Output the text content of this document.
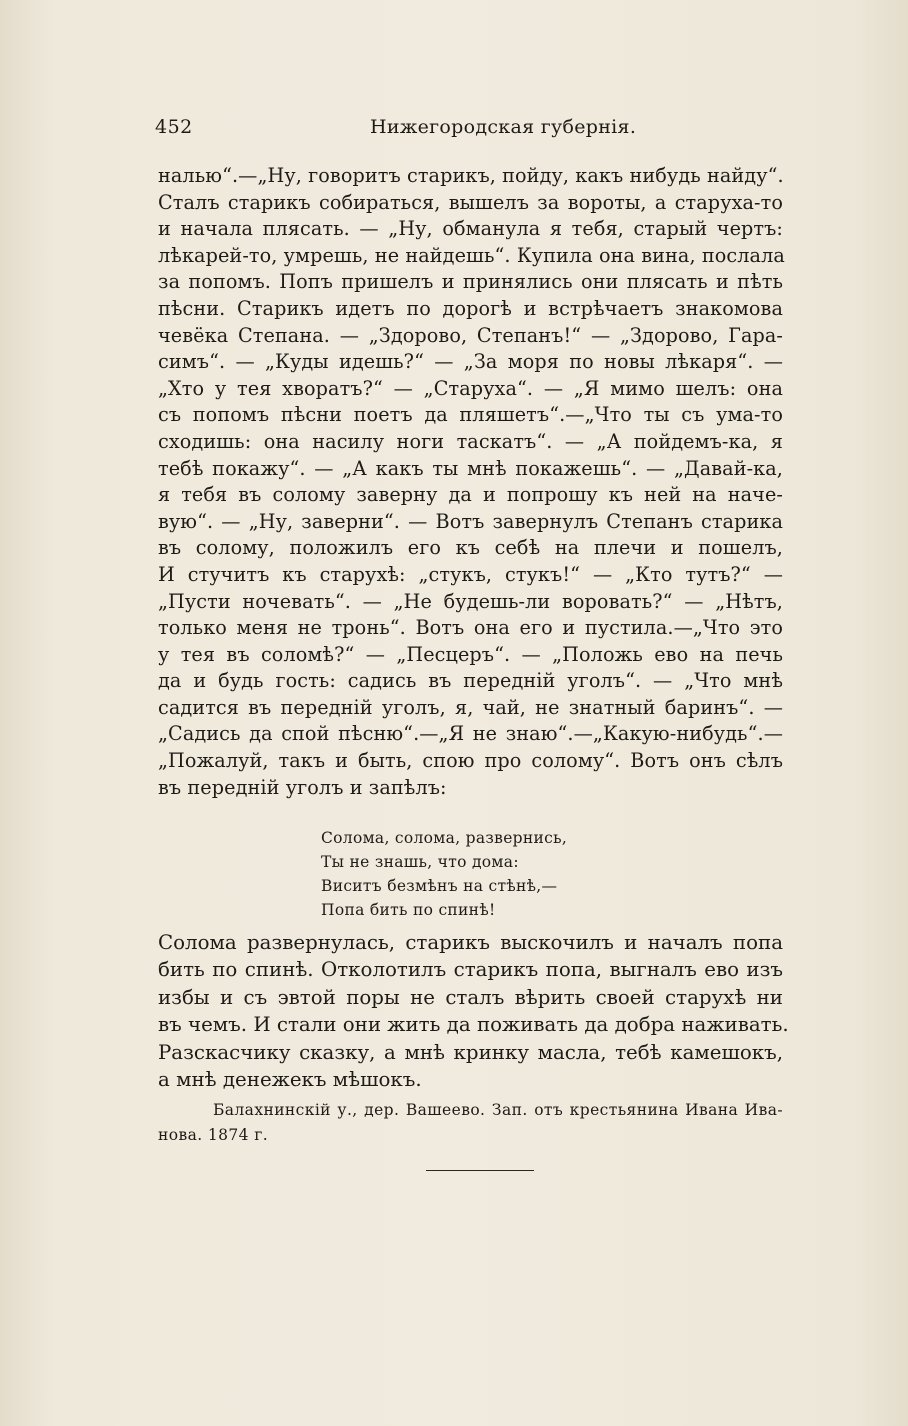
452	Нижегородская губернія.
налью“.—„Ну, говоритъ старикъ, пойду, какъ нибудь найду“.
Сталъ старикъ собираться, вышелъ за вороты, а старуха-то
и начала плясать. — „Ну, обманула я тебя, старый чертъ:
лѣкарей-то, умрешь, не найдешь“. Купила она вина, послала
за попомъ. Попъ пришелъ и принялись они плясать и пѣть
пѣсни. Старикъ идетъ по дорогѣ и встрѣчаетъ знакомова
чевёка Степана. — „Здорово, Степанъ!“ — „Здорово, Гара-
симъ“. — „Куды идешь?“ — „За моря по новы лѣкаря“. —
„Хто у тея хворатъ?“ — „Старуха“. — „Я мимо шелъ: она
съ попомъ пѣсни поетъ да пляшетъ“.—„Что ты съ ума-то
сходишь: она насилу ноги таскатъ“. — „А пойдемъ-ка, я
тебѣ покажу“. — „А какъ ты мнѣ покажешь“. — „Давай-ка,
я тебя въ солому заверну да и попрошу къ ней на наче-
вую“. — „Ну, заверни“. — Вотъ завернулъ Степанъ старика
въ солому, положилъ его къ себѣ на плечи и пошелъ,
И стучитъ къ старухѣ: „стукъ, стукъ!“ — „Кто тутъ?“ —
„Пусти ночевать“. — „Не будешь-ли воровать?“ — „Нѣтъ,
только меня не тронь“. Вотъ она его и пустила.—„Что это
у тея въ соломѣ?“ — „Песцеръ“. — „Положь ево на печь
да и будь гость: садись въ передній уголъ“. — „Что мнѣ
садится въ передній уголъ, я, чай, не знатный баринъ“. —
„Садись да спой пѣсню“.—„Я не знаю“.—„Какую-нибудь“.—
„Пожалуй, такъ и быть, спою про солому“. Вотъ онъ сѣлъ
въ передній уголъ и запѣлъ:
Солома, солома, развернись,
Ты не знашь, что дома:
Виситъ безмѣнъ на стѣнѣ,—
Попа бить по спинѣ!
Солома развернулась, старикъ выскочилъ и началъ попа
бить по спинѣ. Отколотилъ старикъ попа, выгналъ ево изъ
избы и съ эвтой поры не сталъ вѣрить своей старухѣ ни
въ чемъ. И стали они жить да поживать да добра наживать.
Разскасчику сказку, а мнѣ кринку масла, тебѣ камешокъ,
а мнѣ денежекъ мѣшокъ.
Балахнинскій у., дер. Вашеево. Зап. отъ крестьянина Ивана Ива-
нова. 1874 г.
